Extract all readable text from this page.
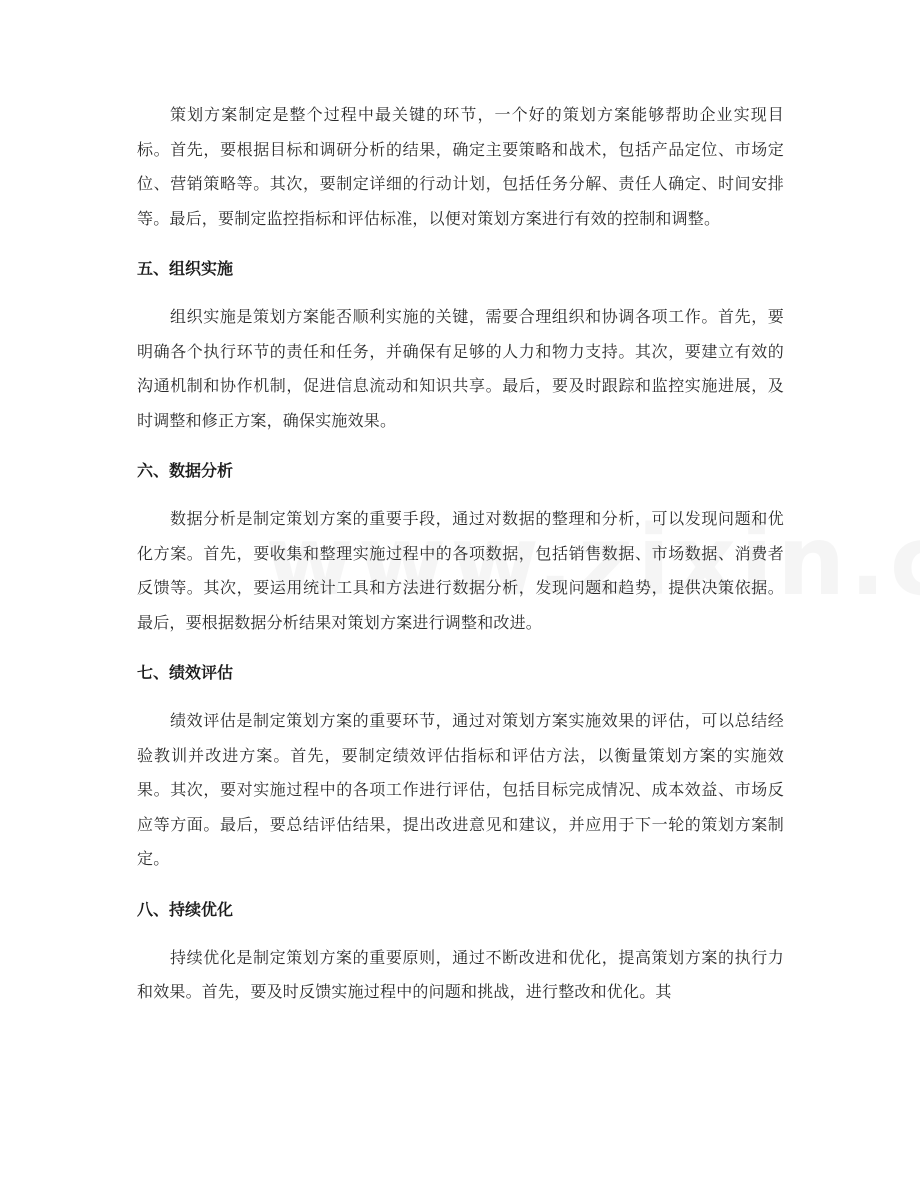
策划方案制定是整个过程中最关键的环节，一个好的策划方案能够帮助企业实现目标。首先，要根据目标和调研分析的结果，确定主要策略和战术，包括产品定位、市场定位、营销策略等。其次，要制定详细的行动计划，包括任务分解、责任人确定、时间安排等。最后，要制定监控指标和评估标准，以便对策划方案进行有效的控制和调整。

五、组织实施

组织实施是策划方案能否顺利实施的关键，需要合理组织和协调各项工作。首先，要明确各个执行环节的责任和任务，并确保有足够的人力和物力支持。其次，要建立有效的沟通机制和协作机制，促进信息流动和知识共享。最后，要及时跟踪和监控实施进展，及时调整和修正方案，确保实施效果。

六、数据分析

数据分析是制定策划方案的重要手段，通过对数据的整理和分析，可以发现问题和优化方案。首先，要收集和整理实施过程中的各项数据，包括销售数据、市场数据、消费者反馈等。其次，要运用统计工具和方法进行数据分析，发现问题和趋势，提供决策依据。最后，要根据数据分析结果对策划方案进行调整和改进。

七、绩效评估

绩效评估是制定策划方案的重要环节，通过对策划方案实施效果的评估，可以总结经验教训并改进方案。首先，要制定绩效评估指标和评估方法，以衡量策划方案的实施效果。其次，要对实施过程中的各项工作进行评估，包括目标完成情况、成本效益、市场反应等方面。最后，要总结评估结果，提出改进意见和建议，并应用于下一轮的策划方案制定。

八、持续优化

持续优化是制定策划方案的重要原则，通过不断改进和优化，提高策划方案的执行力和效果。首先，要及时反馈实施过程中的问题和挑战，进行整改和优化。其
